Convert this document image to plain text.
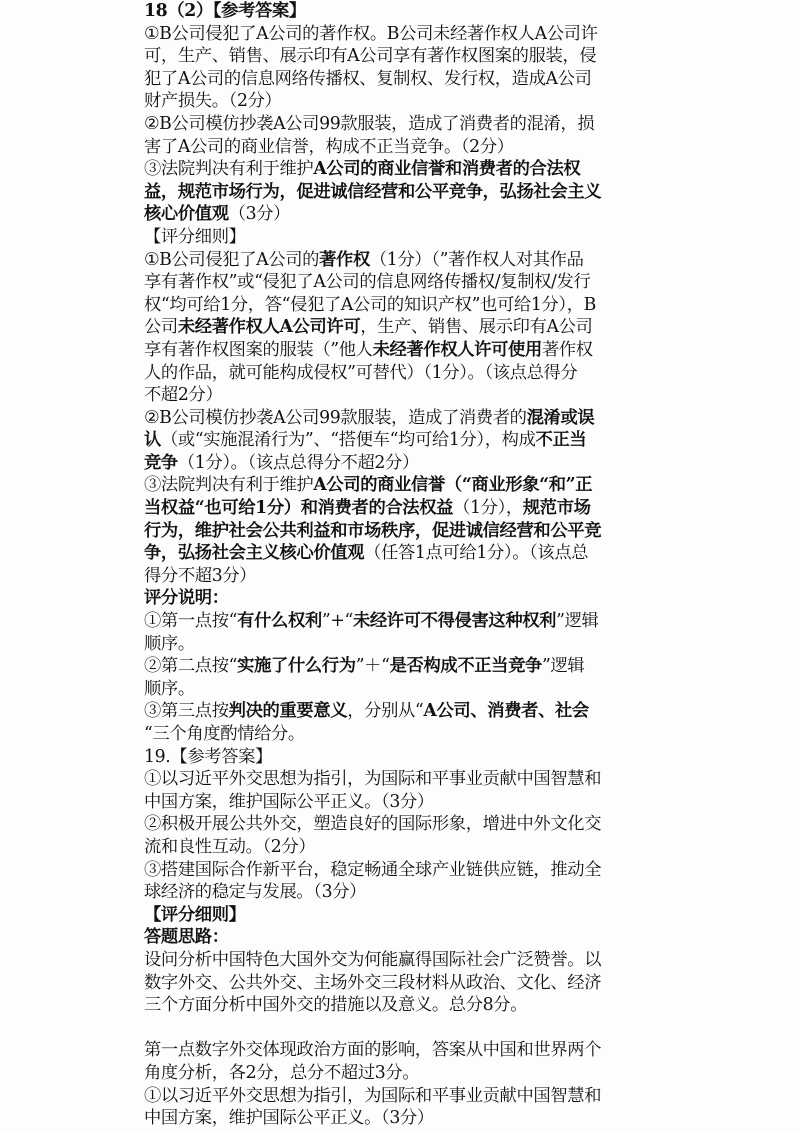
18（2）【参考答案】
①B公司侵犯了A公司的著作权。B公司未经著作权人A公司许
可，生产、销售、展示印有A公司享有著作权图案的服装，侵
犯了A公司的信息网络传播权、复制权、发行权，造成A公司
财产损失。（2分）
②B公司模仿抄袭A公司99款服装，造成了消费者的混淆，损
害了A公司的商业信誉，构成不正当竞争。（2分）
③法院判决有利于维护A公司的商业信誉和消费者的合法权
益，规范市场行为，促进诚信经营和公平竞争，弘扬社会主义
核心价值观（3分）
【评分细则】
①B公司侵犯了A公司的著作权（1分）（”著作权人对其作品
享有著作权”或“侵犯了A公司的信息网络传播权/复制权/发行
权“均可给1分，答“侵犯了A公司的知识产权”也可给1分），B
公司未经著作权人A公司许可，生产、销售、展示印有A公司
享有著作权图案的服装（”他人未经著作权人许可使用著作权
人的作品，就可能构成侵权”可替代）（1分）。（该点总得分
不超2分）
②B公司模仿抄袭A公司99款服装，造成了消费者的混淆或误
认（或“实施混淆行为”、“搭便车“均可给1分），构成不正当
竞争（1分）。（该点总得分不超2分）
③法院判决有利于维护A公司的商业信誉（“商业形象“和”正
当权益“也可给1分）和消费者的合法权益（1分），规范市场
行为，维护社会公共利益和市场秩序，促进诚信经营和公平竞
争，弘扬社会主义核心价值观（任答1点可给1分）。（该点总
得分不超3分）
评分说明：
①第一点按“有什么权利”+“未经许可不得侵害这种权利”逻辑
顺序。
②第二点按“实施了什么行为”＋“是否构成不正当竞争”逻辑
顺序。
③第三点按判决的重要意义，分别从“A公司、消费者、社会
“三个角度酌情给分。
19.【参考答案】
①以习近平外交思想为指引，为国际和平事业贡献中国智慧和
中国方案，维护国际公平正义。（3分）
②积极开展公共外交，塑造良好的国际形象，增进中外文化交
流和良性互动。（2分）
③搭建国际合作新平台，稳定畅通全球产业链供应链，推动全
球经济的稳定与发展。（3分）
【评分细则】
答题思路：
设问分析中国特色大国外交为何能赢得国际社会广泛赞誉。以
数字外交、公共外交、主场外交三段材料从政治、文化、经济
三个方面分析中国外交的措施以及意义。总分8分。
第一点数字外交体现政治方面的影响，答案从中国和世界两个
角度分析，各2分，总分不超过3分。
①以习近平外交思想为指引，为国际和平事业贡献中国智慧和
中国方案，维护国际公平正义。（3分）
